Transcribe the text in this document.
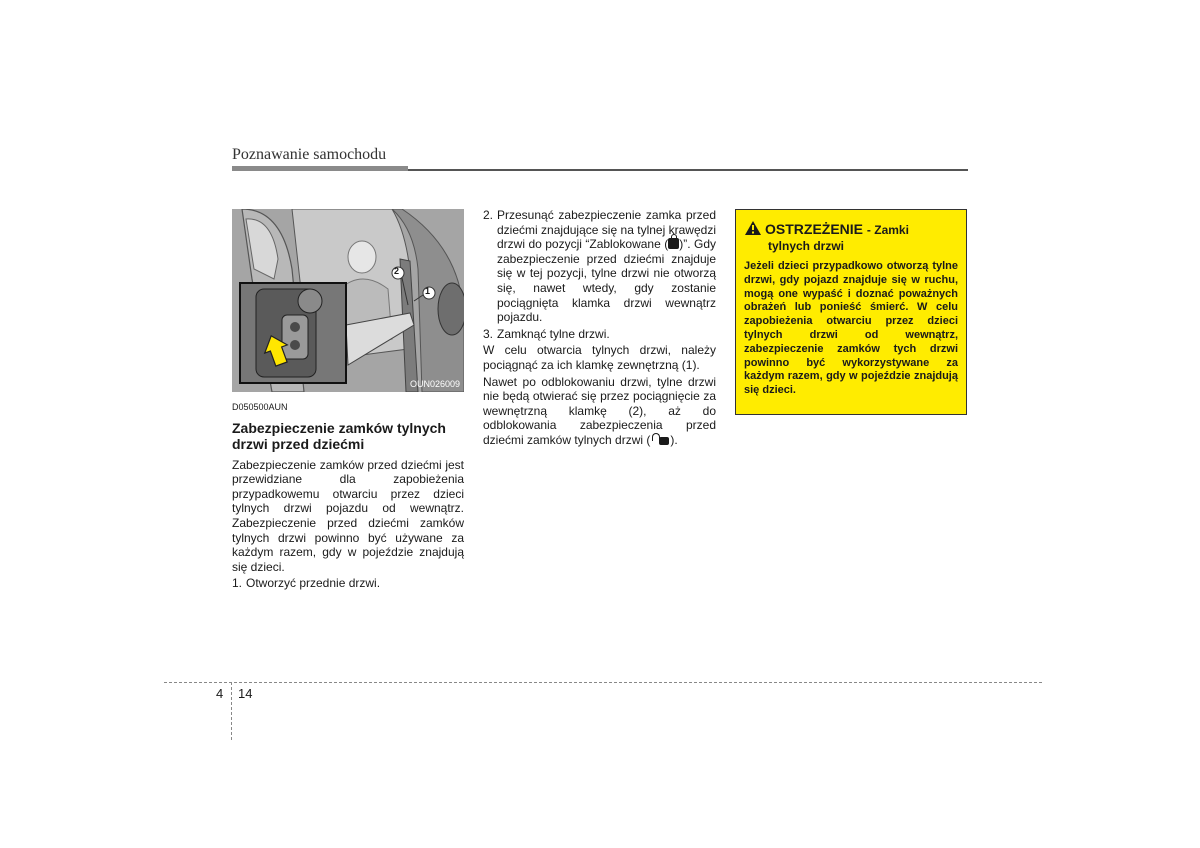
Poznawanie samochodu
OUN026009
1
2
D050500AUN
Zabezpieczenie zamków tylnych drzwi przed dziećmi
Zabezpieczenie zamków przed dziećmi jest przewidziane dla zapobieżenia przypadkowemu otwarciu przez dzieci tylnych drzwi pojazdu od wewnątrz. Zabezpieczenie przed dziećmi zamków tylnych drzwi powinno być używane za każdym razem, gdy w pojeździe znajdują się dzieci.
1. Otworzyć przednie drzwi.
2. Przesunąć zabezpieczenie zamka przed dziećmi znajdujące się na tylnej krawędzi drzwi do pozycji “Zablokowane ( )”. Gdy zabezpieczenie przed dziećmi znajduje się w tej pozycji, tylne drzwi nie otworzą się, nawet wtedy, gdy zostanie pociągnięta klamka drzwi wewnątrz pojazdu.
3. Zamknąć tylne drzwi.
W celu otwarcia tylnych drzwi, należy pociągnąć za ich klamkę zewnętrzną (1).
Nawet po odblokowaniu drzwi, tylne drzwi nie będą otwierać się przez pociągnięcie za wewnętrzną klamkę (2), aż do odblokowania zabezpieczenia przed dziećmi zamków tylnych drzwi ( ).
OSTRZEŻENIE - Zamki
tylnych drzwi
Jeżeli dzieci przypadkowo otworzą tylne drzwi, gdy pojazd znajduje się w ruchu, mogą one wypaść i doznać poważnych obrażeń lub ponieść śmierć. W celu zapobieżenia otwarciu przez dzieci tylnych drzwi od wewnątrz, zabezpieczenie zamków tych drzwi powinno być wykorzystywane za każdym razem, gdy w pojeździe znajdują się dzieci.
4 14
